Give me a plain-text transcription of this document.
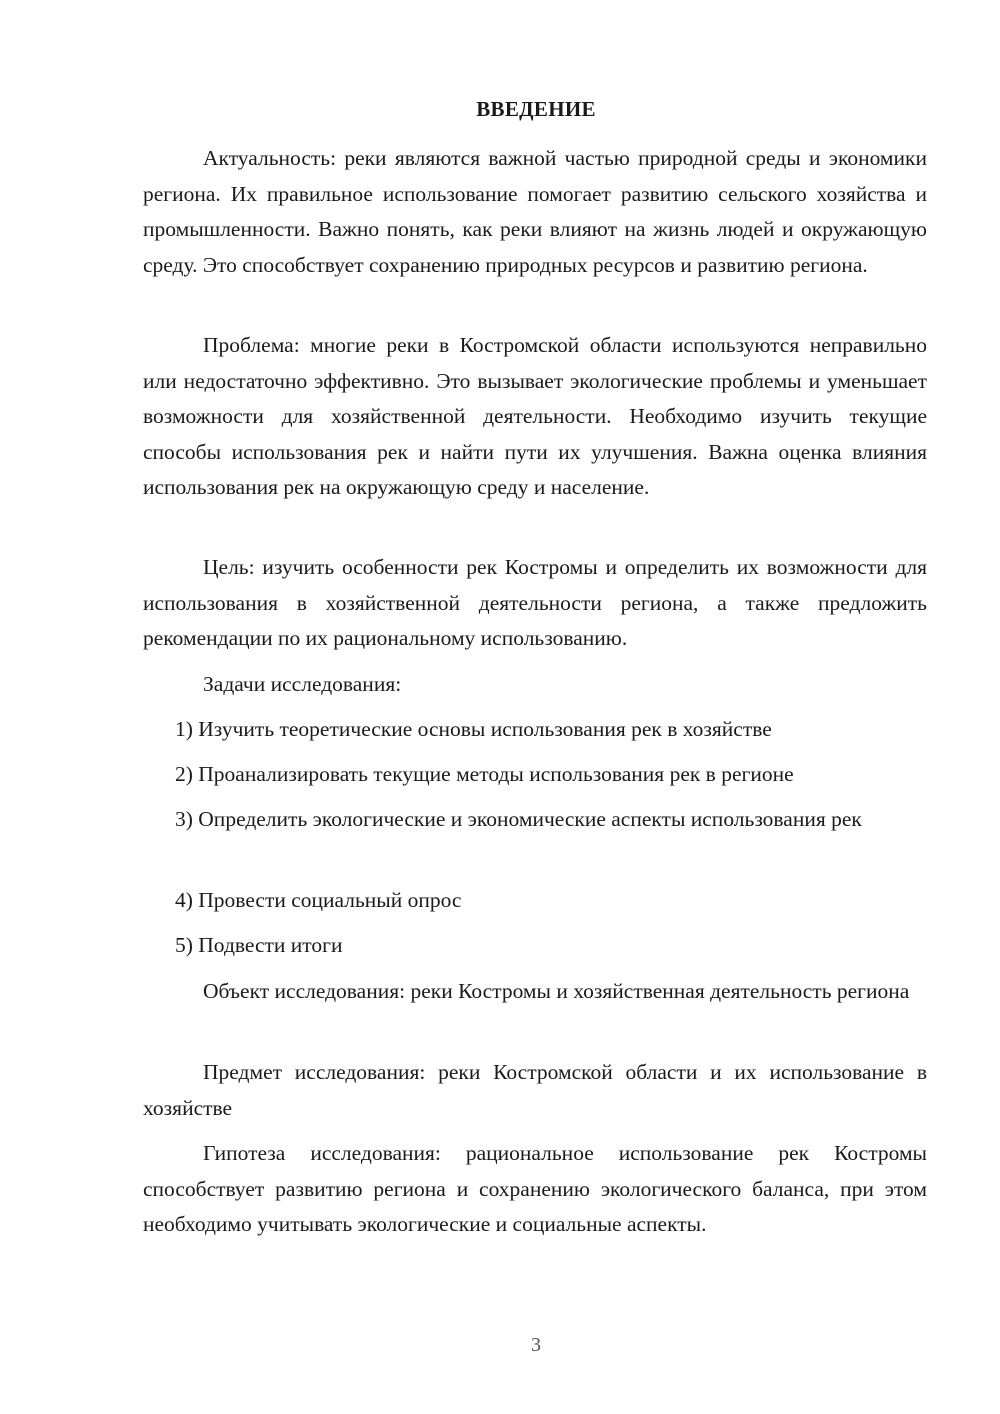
ВВЕДЕНИЕ

Актуальность: реки являются важной частью природной среды и экономики региона. Их правильное использование помогает развитию сельского хозяйства и промышленности. Важно понять, как реки влияют на жизнь людей и окружающую среду. Это способствует сохранению природных ресурсов и развитию региона.

Проблема: многие реки в Костромской области используются неправильно или недостаточно эффективно. Это вызывает экологические проблемы и уменьшает возможности для хозяйственной деятельности. Необходимо изучить текущие способы использования рек и найти пути их улучшения. Важна оценка влияния использования рек на окружающую среду и население.

Цель: изучить особенности рек Костромы и определить их возможности для использования в хозяйственной деятельности региона, а также предложить рекомендации по их рациональному использованию.

Задачи исследования:

1) Изучить теоретические основы использования рек в хозяйстве

2) Проанализировать текущие методы использования рек в регионе

3) Определить экологические и экономические аспекты использования рек

4) Провести социальный опрос

5) Подвести итоги

Объект исследования: реки Костромы и хозяйственная деятельность региона

Предмет исследования: реки Костромской области и их использование в хозяйстве

Гипотеза исследования: рациональное использование рек Костромы способствует развитию региона и сохранению экологического баланса, при этом необходимо учитывать экологические и социальные аспекты.

3
